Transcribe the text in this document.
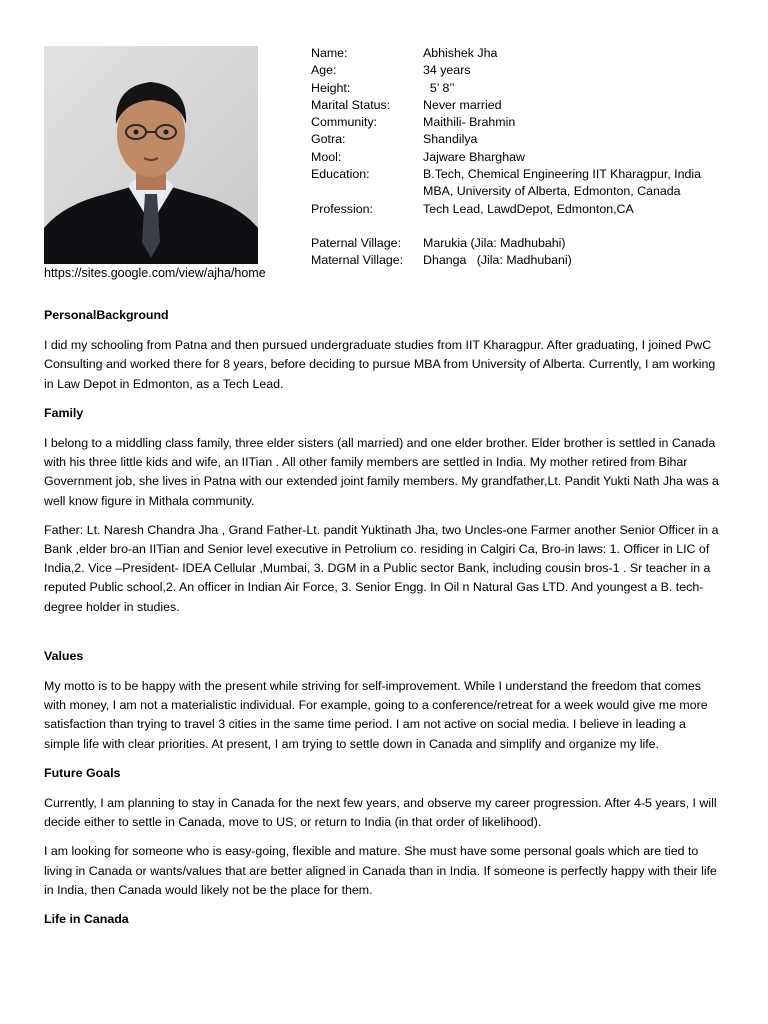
https://sites.google.com/view/ajha/home
Name:	Abhishek Jha
Age:	34 years
Height:	5’ 8’’
Marital Status:	Never married
Community:	Maithili- Brahmin
Gotra:	Shandilya
Mool:	Jajware Bharghaw
Education:	B.Tech, Chemical Engineering IIT Kharagpur, India
MBA, University of Alberta, Edmonton, Canada
Profession:	Tech Lead, LawdDepot, Edmonton,CA
Paternal Village:	Marukia (Jila: Madhubahi)
Maternal Village:	Dhanga   (Jila: Madhubani)
PersonalBackground
I did my schooling from Patna and then pursued undergraduate studies from IIT Kharagpur. After graduating, I joined PwC Consulting and worked there for 8 years, before deciding to pursue MBA from University of Alberta. Currently, I am working in Law Depot in Edmonton, as a Tech Lead.
Family
I belong to a middling class family, three elder sisters (all married) and one elder brother. Elder brother is settled in Canada with his three little kids and wife, an IITian . All other family members are settled in India. My mother retired from Bihar Government job, she lives in Patna with our extended joint family members. My grandfather,Lt. Pandit Yukti Nath Jha was a well know figure in Mithala community.
Father: Lt. Naresh Chandra Jha , Grand Father-Lt. pandit Yuktinath Jha, two Uncles-one Farmer another Senior Officer in a Bank ,elder bro-an IITian and Senior level executive in Petrolium co. residing in Calgiri Ca, Bro-in laws: 1. Officer in LIC of India,2. Vice –President- IDEA Cellular ,Mumbai, 3. DGM in a Public sector Bank, including cousin bros-1 . Sr teacher in a reputed Public school,2. An officer in Indian Air Force, 3. Senior Engg. In Oil n Natural Gas LTD. And youngest a B. tech-degree holder in studies.
Values
My motto is to be happy with the present while striving for self-improvement. While I understand the freedom that comes with money, I am not a materialistic individual. For example, going to a conference/retreat for a week would give me more satisfaction than trying to travel 3 cities in the same time period. I am not active on social media. I believe in leading a simple life with clear priorities. At present, I am trying to settle down in Canada and simplify and organize my life.
Future Goals
Currently, I am planning to stay in Canada for the next few years, and observe my career progression. After 4-5 years, I will decide either to settle in Canada, move to US, or return to India (in that order of likelihood).
I am looking for someone who is easy-going, flexible and mature. She must have some personal goals which are tied to living in Canada or wants/values that are better aligned in Canada than in India. If someone is perfectly happy with their life in India, then Canada would likely not be the place for them.
Life in Canada
